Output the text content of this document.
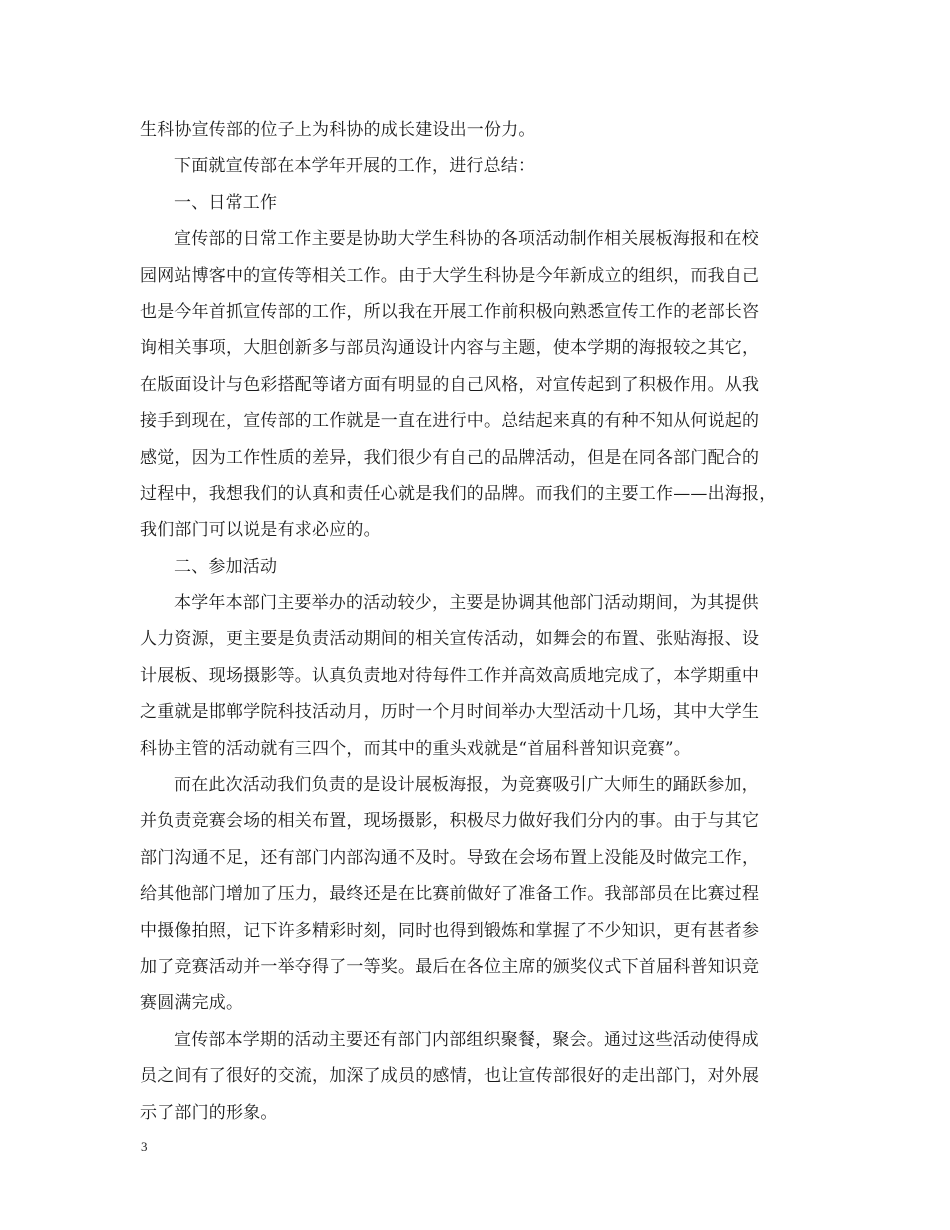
生科协宣传部的位子上为科协的成长建设出一份力。
下面就宣传部在本学年开展的工作，进行总结：
一、日常工作
宣传部的日常工作主要是协助大学生科协的各项活动制作相关展板海报和在校
园网站博客中的宣传等相关工作。由于大学生科协是今年新成立的组织，而我自己
也是今年首抓宣传部的工作，所以我在开展工作前积极向熟悉宣传工作的老部长咨
询相关事项，大胆创新多与部员沟通设计内容与主题，使本学期的海报较之其它，
在版面设计与色彩搭配等诸方面有明显的自己风格，对宣传起到了积极作用。从我
接手到现在，宣传部的工作就是一直在进行中。总结起来真的有种不知从何说起的
感觉，因为工作性质的差异，我们很少有自己的品牌活动，但是在同各部门配合的
过程中，我想我们的认真和责任心就是我们的品牌。而我们的主要工作——出海报，
我们部门可以说是有求必应的。
二、参加活动
本学年本部门主要举办的活动较少，主要是协调其他部门活动期间，为其提供
人力资源，更主要是负责活动期间的相关宣传活动，如舞会的布置、张贴海报、设
计展板、现场摄影等。认真负责地对待每件工作并高效高质地完成了，本学期重中
之重就是邯郸学院科技活动月，历时一个月时间举办大型活动十几场，其中大学生
科协主管的活动就有三四个，而其中的重头戏就是“首届科普知识竞赛”。
而在此次活动我们负责的是设计展板海报，为竞赛吸引广大师生的踊跃参加，
并负责竞赛会场的相关布置，现场摄影，积极尽力做好我们分内的事。由于与其它
部门沟通不足，还有部门内部沟通不及时。导致在会场布置上没能及时做完工作，
给其他部门增加了压力，最终还是在比赛前做好了准备工作。我部部员在比赛过程
中摄像拍照，记下许多精彩时刻，同时也得到锻炼和掌握了不少知识，更有甚者参
加了竞赛活动并一举夺得了一等奖。最后在各位主席的颁奖仪式下首届科普知识竞
赛圆满完成。
宣传部本学期的活动主要还有部门内部组织聚餐，聚会。通过这些活动使得成
员之间有了很好的交流，加深了成员的感情，也让宣传部很好的走出部门，对外展
示了部门的形象。
3
